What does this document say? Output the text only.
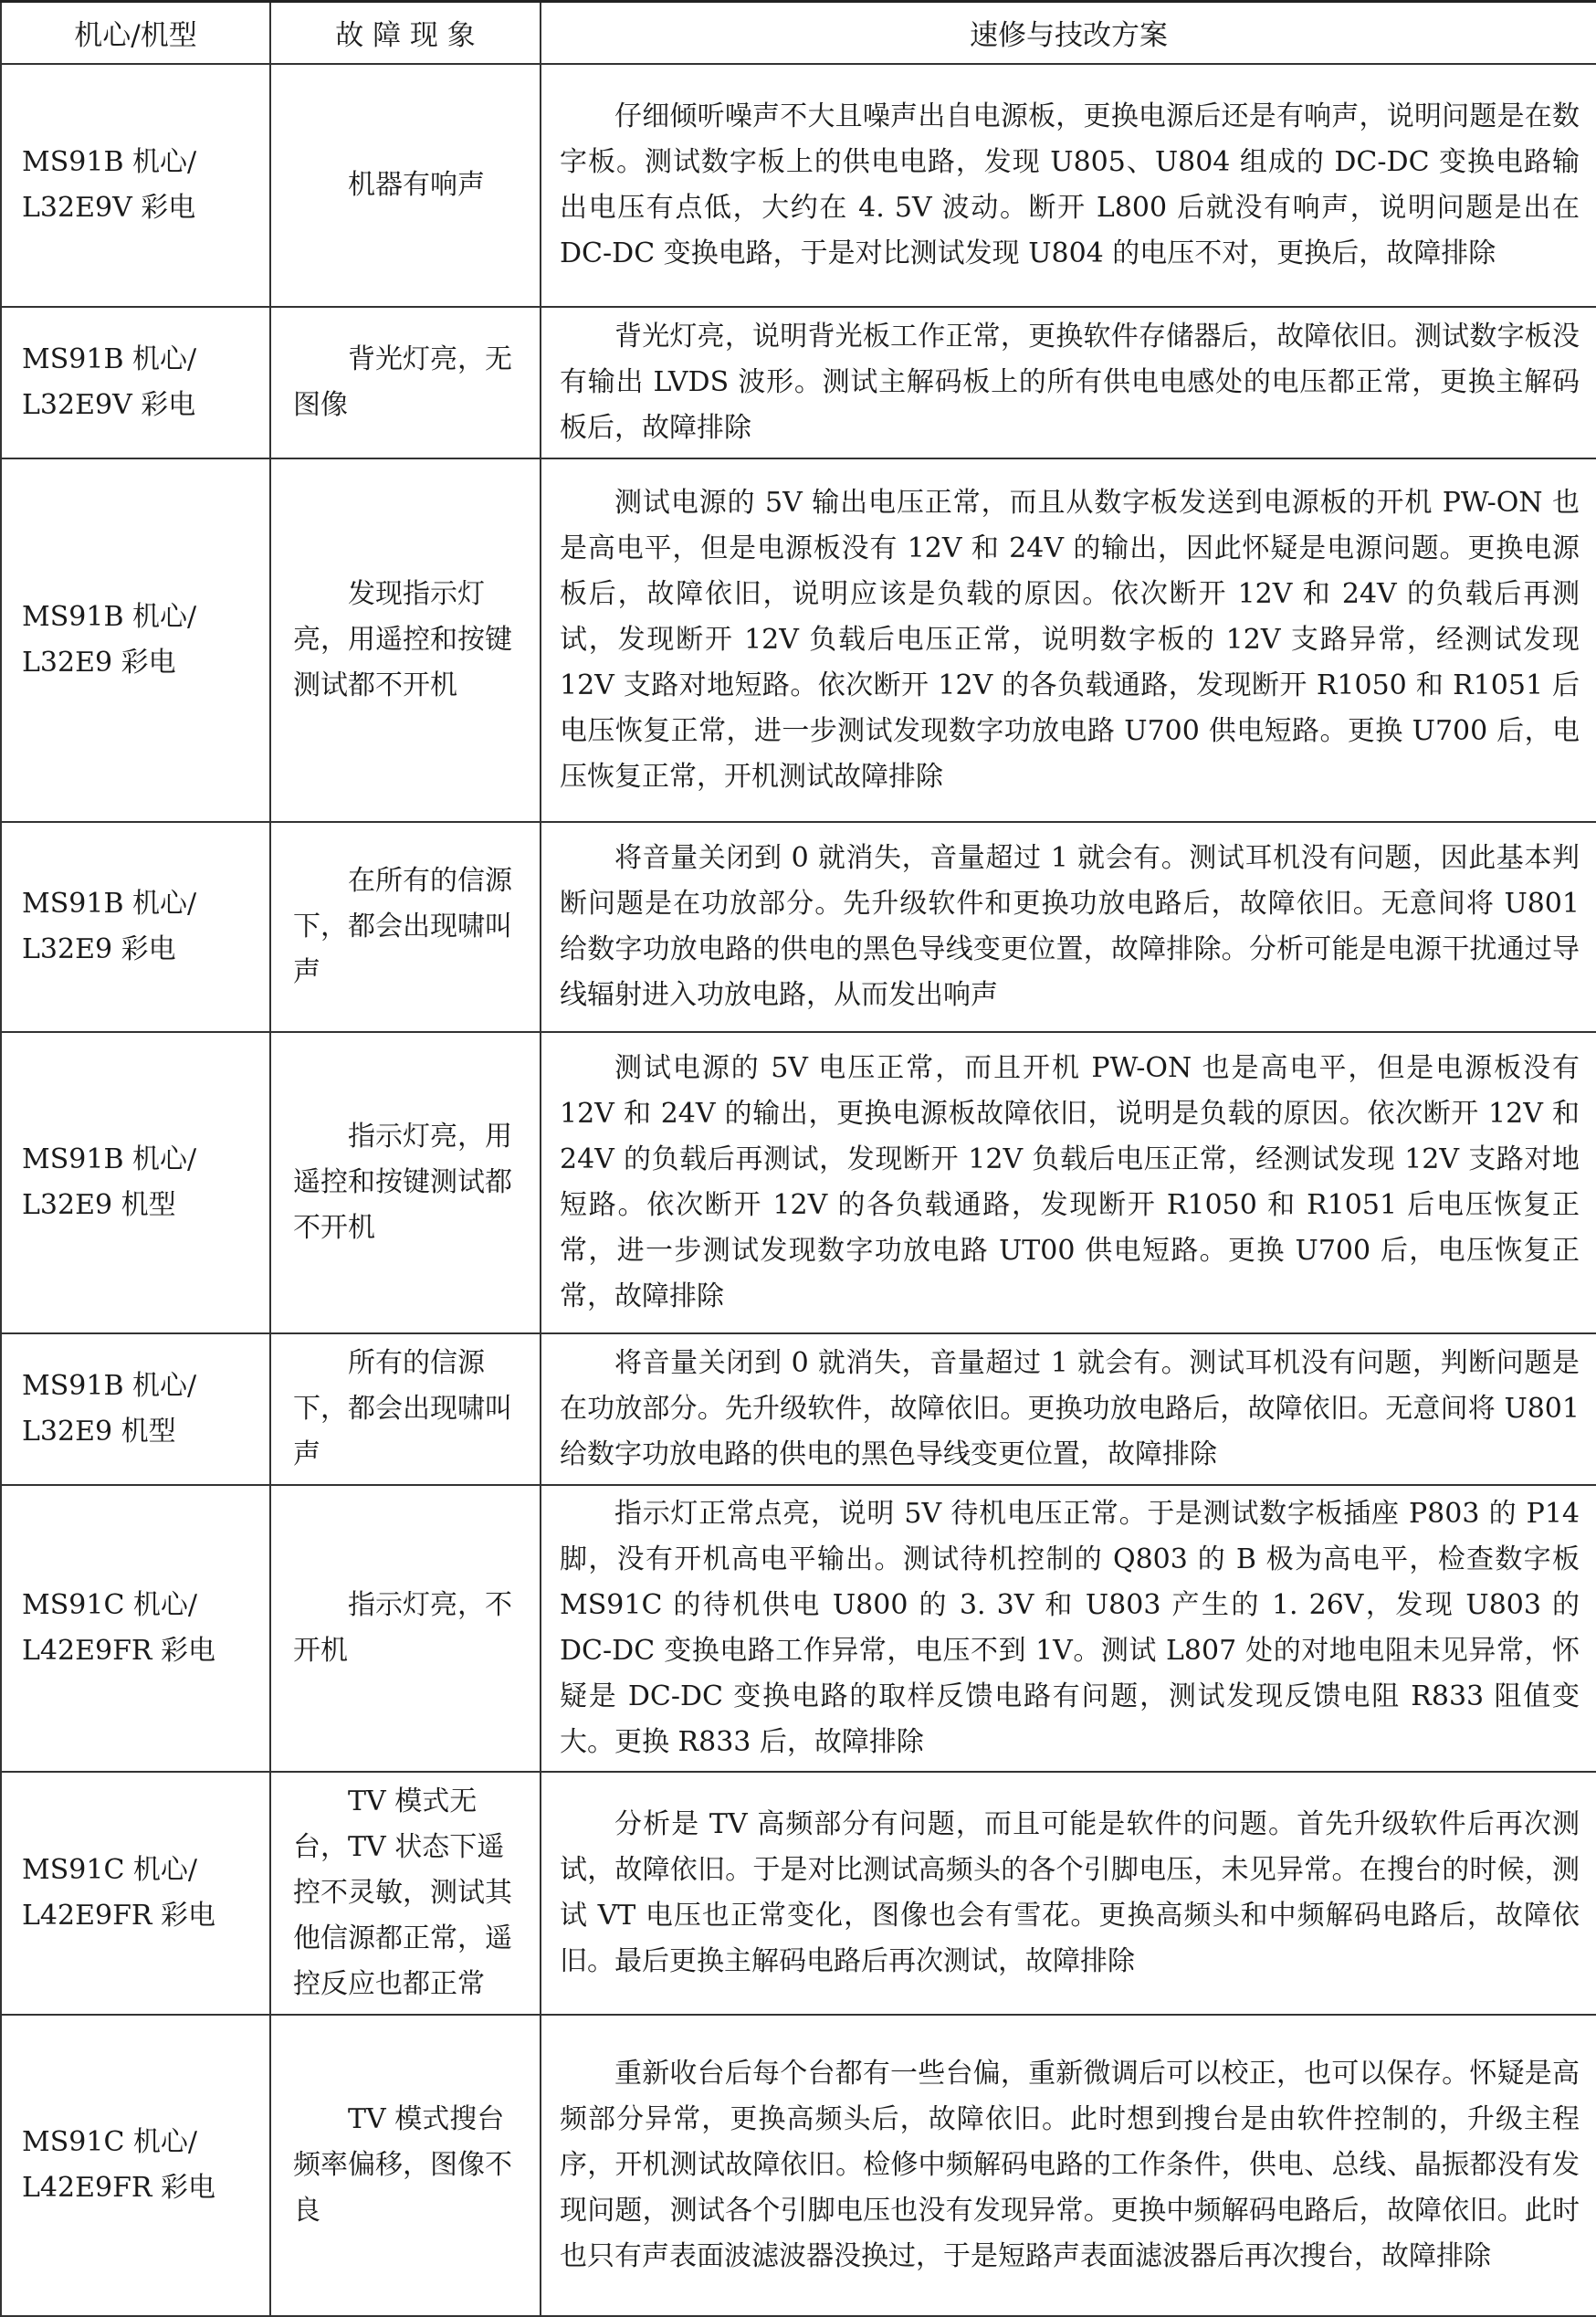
机心/机型	故 障 现 象	速修与技改方案

MS91B 机心/ L32E9V 彩电	机器有响声	仔细倾听噪声不大且噪声出自电源板，更换电源后还是有响声，说明问题是在数字板。测试数字板上的供电电路，发现 U805、U804 组成的 DC-DC 变换电路输出电压有点低，大约在 4. 5V 波动。断开 L800 后就没有响声，说明问题是出在 DC-DC 变换电路，于是对比测试发现 U804 的电压不对，更换后，故障排除

MS91B 机心/ L32E9V 彩电	背光灯亮，无图像	背光灯亮，说明背光板工作正常，更换软件存储器后，故障依旧。测试数字板没有输出 LVDS 波形。测试主解码板上的所有供电电感处的电压都正常，更换主解码板后，故障排除

MS91B 机心/ L32E9 彩电	发现指示灯亮，用遥控和按键测试都不开机	测试电源的 5V 输出电压正常，而且从数字板发送到电源板的开机 PW-ON 也是高电平，但是电源板没有 12V 和 24V 的输出，因此怀疑是电源问题。更换电源板后，故障依旧，说明应该是负载的原因。依次断开 12V 和 24V 的负载后再测试，发现断开 12V 负载后电压正常，说明数字板的 12V 支路异常，经测试发现 12V 支路对地短路。依次断开 12V 的各负载通路，发现断开 R1050 和 R1051 后电压恢复正常，进一步测试发现数字功放电路 U700 供电短路。更换 U700 后，电压恢复正常，开机测试故障排除

MS91B 机心/ L32E9 彩电	在所有的信源下，都会出现啸叫声	将音量关闭到 0 就消失，音量超过 1 就会有。测试耳机没有问题，因此基本判断问题是在功放部分。先升级软件和更换功放电路后，故障依旧。无意间将 U801 给数字功放电路的供电的黑色导线变更位置，故障排除。分析可能是电源干扰通过导线辐射进入功放电路，从而发出响声

MS91B 机心/ L32E9 机型	指示灯亮，用遥控和按键测试都不开机	测试电源的 5V 电压正常，而且开机 PW-ON 也是高电平，但是电源板没有 12V 和 24V 的输出，更换电源板故障依旧，说明是负载的原因。依次断开 12V 和 24V 的负载后再测试，发现断开 12V 负载后电压正常，经测试发现 12V 支路对地短路。依次断开 12V 的各负载通路，发现断开 R1050 和 R1051 后电压恢复正常，进一步测试发现数字功放电路 UT00 供电短路。更换 U700 后，电压恢复正常，故障排除

MS91B 机心/ L32E9 机型	所有的信源下，都会出现啸叫声	将音量关闭到 0 就消失，音量超过 1 就会有。测试耳机没有问题，判断问题是在功放部分。先升级软件，故障依旧。更换功放电路后，故障依旧。无意间将 U801 给数字功放电路的供电的黑色导线变更位置，故障排除

MS91C 机心/ L42E9FR 彩电	指示灯亮，不开机	指示灯正常点亮，说明 5V 待机电压正常。于是测试数字板插座 P803 的 P14 脚，没有开机高电平输出。测试待机控制的 Q803 的 B 极为高电平，检查数字板 MS91C 的待机供电 U800 的 3. 3V 和 U803 产生的 1. 26V，发现 U803 的 DC-DC 变换电路工作异常，电压不到 1V。测试 L807 处的对地电阻未见异常，怀疑是 DC-DC 变换电路的取样反馈电路有问题，测试发现反馈电阻 R833 阻值变大。更换 R833 后，故障排除

MS91C 机心/ L42E9FR 彩电	TV 模式无台，TV 状态下遥控不灵敏，测试其他信源都正常，遥控反应也都正常	分析是 TV 高频部分有问题，而且可能是软件的问题。首先升级软件后再次测试，故障依旧。于是对比测试高频头的各个引脚电压，未见异常。在搜台的时候，测试 VT 电压也正常变化，图像也会有雪花。更换高频头和中频解码电路后，故障依旧。最后更换主解码电路后再次测试，故障排除

MS91C 机心/ L42E9FR 彩电	TV 模式搜台频率偏移，图像不良	重新收台后每个台都有一些台偏，重新微调后可以校正，也可以保存。怀疑是高频部分异常，更换高频头后，故障依旧。此时想到搜台是由软件控制的，升级主程序，开机测试故障依旧。检修中频解码电路的工作条件，供电、总线、晶振都没有发现问题，测试各个引脚电压也没有发现异常。更换中频解码电路后，故障依旧。此时也只有声表面波滤波器没换过，于是短路声表面滤波器后再次搜台，故障排除
